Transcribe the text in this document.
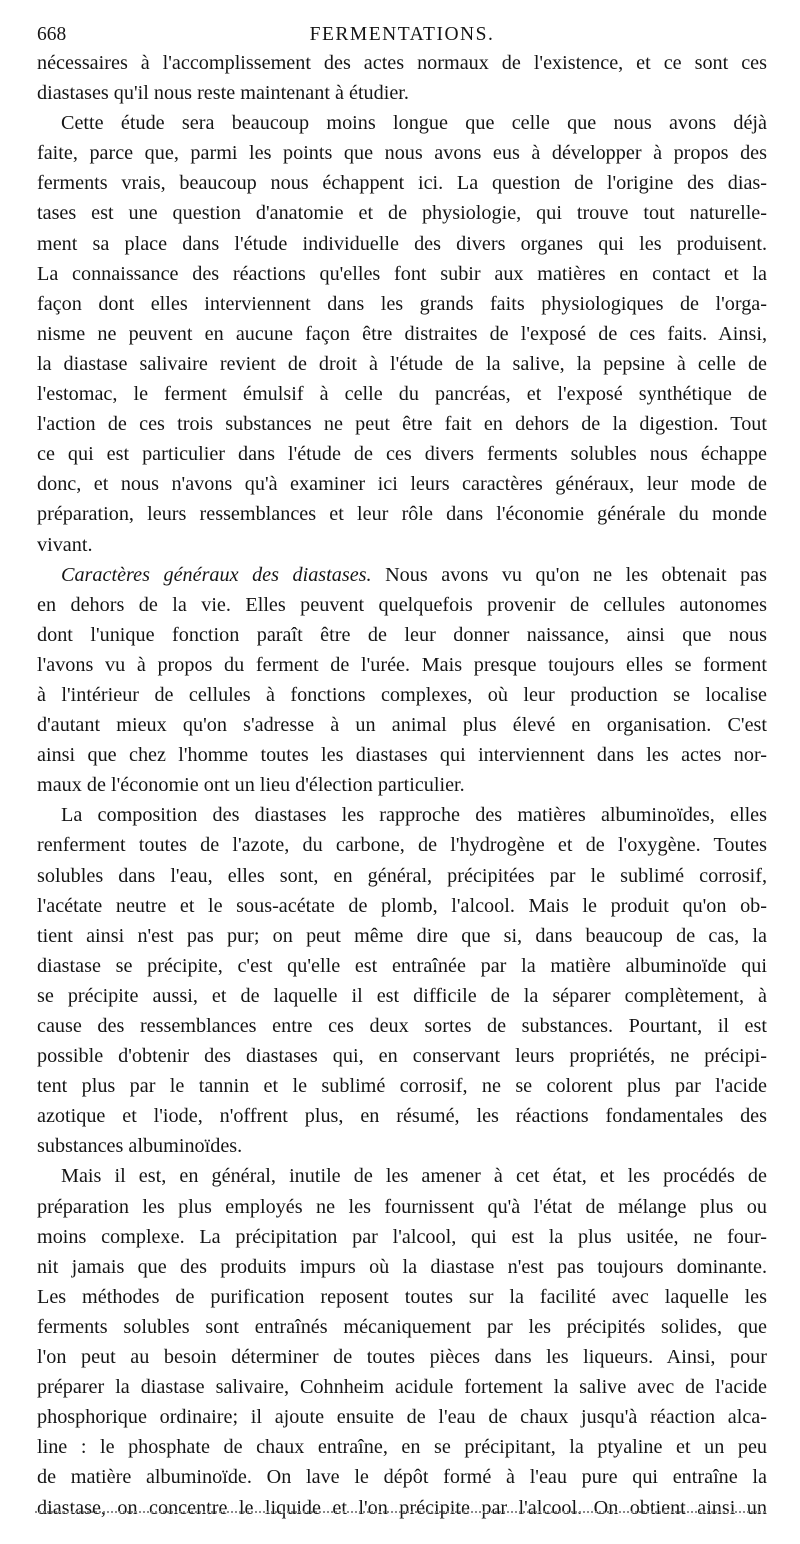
668	FERMENTATIONS.
nécessaires à l'accomplissement des actes normaux de l'existence, et ce sont ces
diastases qu'il nous reste maintenant à étudier.
Cette étude sera beaucoup moins longue que celle que nous avons déjà
faite, parce que, parmi les points que nous avons eus à développer à propos des
ferments vrais, beaucoup nous échappent ici. La question de l'origine des dias-
tases est une question d'anatomie et de physiologie, qui trouve tout naturelle-
ment sa place dans l'étude individuelle des divers organes qui les produisent.
La connaissance des réactions qu'elles font subir aux matières en contact et la
façon dont elles interviennent dans les grands faits physiologiques de l'orga-
nisme ne peuvent en aucune façon être distraites de l'exposé de ces faits. Ainsi,
la diastase salivaire revient de droit à l'étude de la salive, la pepsine à celle de
l'estomac, le ferment émulsif à celle du pancréas, et l'exposé synthétique de
l'action de ces trois substances ne peut être fait en dehors de la digestion. Tout
ce qui est particulier dans l'étude de ces divers ferments solubles nous échappe
donc, et nous n'avons qu'à examiner ici leurs caractères généraux, leur mode de
préparation, leurs ressemblances et leur rôle dans l'économie générale du monde
vivant.
Caractères généraux des diastases. Nous avons vu qu'on ne les obtenait pas
en dehors de la vie. Elles peuvent quelquefois provenir de cellules autonomes
dont l'unique fonction paraît être de leur donner naissance, ainsi que nous
l'avons vu à propos du ferment de l'urée. Mais presque toujours elles se forment
à l'intérieur de cellules à fonctions complexes, où leur production se localise
d'autant mieux qu'on s'adresse à un animal plus élevé en organisation. C'est
ainsi que chez l'homme toutes les diastases qui interviennent dans les actes nor-
maux de l'économie ont un lieu d'élection particulier.
La composition des diastases les rapproche des matières albuminoïdes, elles
renferment toutes de l'azote, du carbone, de l'hydrogène et de l'oxygène. Toutes
solubles dans l'eau, elles sont, en général, précipitées par le sublimé corrosif,
l'acétate neutre et le sous-acétate de plomb, l'alcool. Mais le produit qu'on ob-
tient ainsi n'est pas pur; on peut même dire que si, dans beaucoup de cas, la
diastase se précipite, c'est qu'elle est entraînée par la matière albuminoïde qui
se précipite aussi, et de laquelle il est difficile de la séparer complètement, à
cause des ressemblances entre ces deux sortes de substances. Pourtant, il est
possible d'obtenir des diastases qui, en conservant leurs propriétés, ne précipi-
tent plus par le tannin et le sublimé corrosif, ne se colorent plus par l'acide
azotique et l'iode, n'offrent plus, en résumé, les réactions fondamentales des
substances albuminoïdes.
Mais il est, en général, inutile de les amener à cet état, et les procédés de
préparation les plus employés ne les fournissent qu'à l'état de mélange plus ou
moins complexe. La précipitation par l'alcool, qui est la plus usitée, ne four-
nit jamais que des produits impurs où la diastase n'est pas toujours dominante.
Les méthodes de purification reposent toutes sur la facilité avec laquelle les
ferments solubles sont entraînés mécaniquement par les précipités solides, que
l'on peut au besoin déterminer de toutes pièces dans les liqueurs. Ainsi, pour
préparer la diastase salivaire, Cohnheim acidule fortement la salive avec de l'acide
phosphorique ordinaire; il ajoute ensuite de l'eau de chaux jusqu'à réaction alca-
line : le phosphate de chaux entraîne, en se précipitant, la ptyaline et un peu
de matière albuminoïde. On lave le dépôt formé à l'eau pure qui entraîne la
diastase, on concentre le liquide et l'on précipite par l'alcool. On obtient ainsi un
